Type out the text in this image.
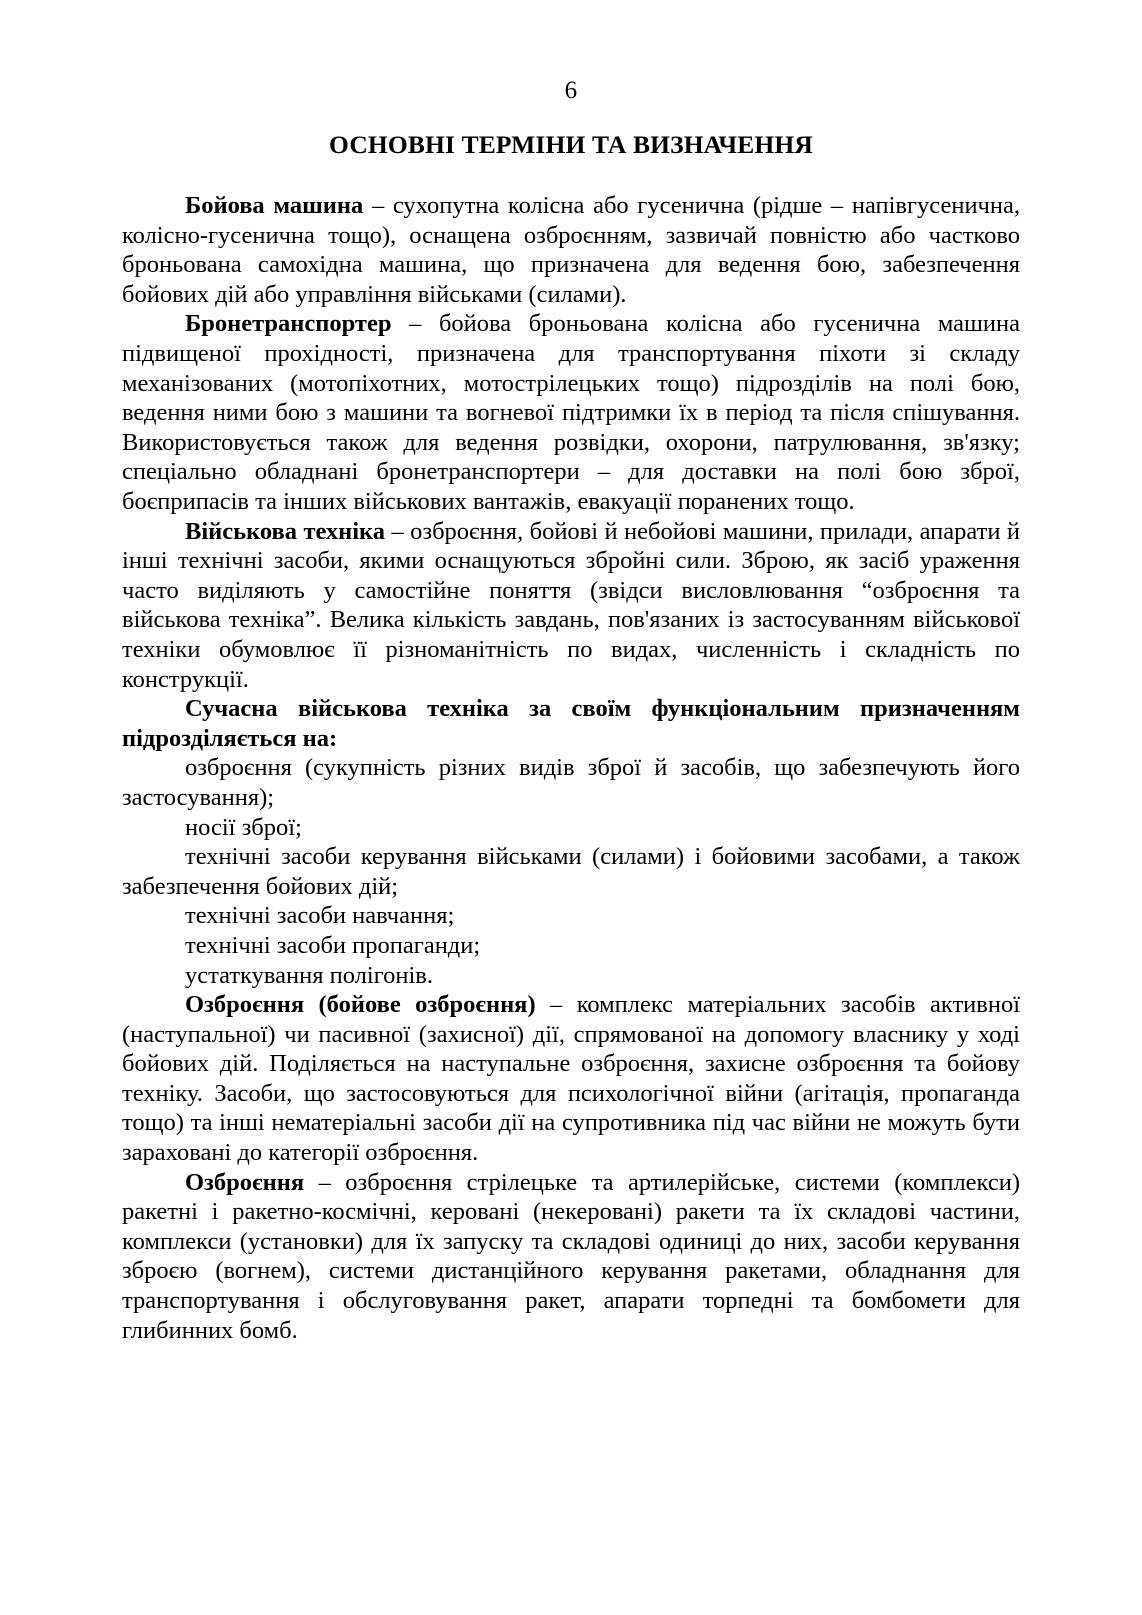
6
ОСНОВНІ ТЕРМІНИ ТА ВИЗНАЧЕННЯ

Бойова машина – сухопутна колісна або гусенична (рідше – напівгусенична, колісно-гусенична тощо), оснащена озброєнням, зазвичай повністю або частково броньована самохідна машина, що призначена для ведення бою, забезпечення бойових дій або управління військами (силами).

Бронетранспортер – бойова броньована колісна або гусенична машина підвищеної прохідності, призначена для транспортування піхоти зі складу механізованих (мотопіхотних, мотострілецьких тощо) підрозділів на полі бою, ведення ними бою з машини та вогневої підтримки їх в період та після спішування. Використовується також для ведення розвідки, охорони, патрулювання, зв'язку; спеціально обладнані бронетранспортери – для доставки на полі бою зброї, боєприпасів та інших військових вантажів, евакуації поранених тощо.

Військова техніка – озброєння, бойові й небойові машини, прилади, апарати й інші технічні засоби, якими оснащуються збройні сили. Зброю, як засіб ураження часто виділяють у самостійне поняття (звідси висловлювання “озброєння та військова техніка”. Велика кількість завдань, пов'язаних із застосуванням військової техніки обумовлює її різноманітність по видах, численність і складність по конструкції.

Сучасна військова техніка за своїм функціональним призначенням підрозділяється на:

озброєння (сукупність різних видів зброї й засобів, що забезпечують його застосування);

носії зброї;

технічні засоби керування військами (силами) і бойовими засобами, а також забезпечення бойових дій;

технічні засоби навчання;

технічні засоби пропаганди;

устаткування полігонів.

Озброєння (бойове озброєння) – комплекс матеріальних засобів активної (наступальної) чи пасивної (захисної) дії, спрямованої на допомогу власнику у ході бойових дій. Поділяється на наступальне озброєння, захисне озброєння та бойову техніку. Засоби, що застосовуються для психологічної війни (агітація, пропаганда тощо) та інші нематеріальні засоби дії на супротивника під час війни не можуть бути зараховані до категорії озброєння.

Озброєння – озброєння стрілецьке та артилерійське, системи (комплекси) ракетні і ракетно-космічні, керовані (некеровані) ракети та їх складові частини, комплекси (установки) для їх запуску та складові одиниці до них, засоби керування зброєю (вогнем), системи дистанційного керування ракетами, обладнання для транспортування і обслуговування ракет, апарати торпедні та бомбомети для глибинних бомб.
